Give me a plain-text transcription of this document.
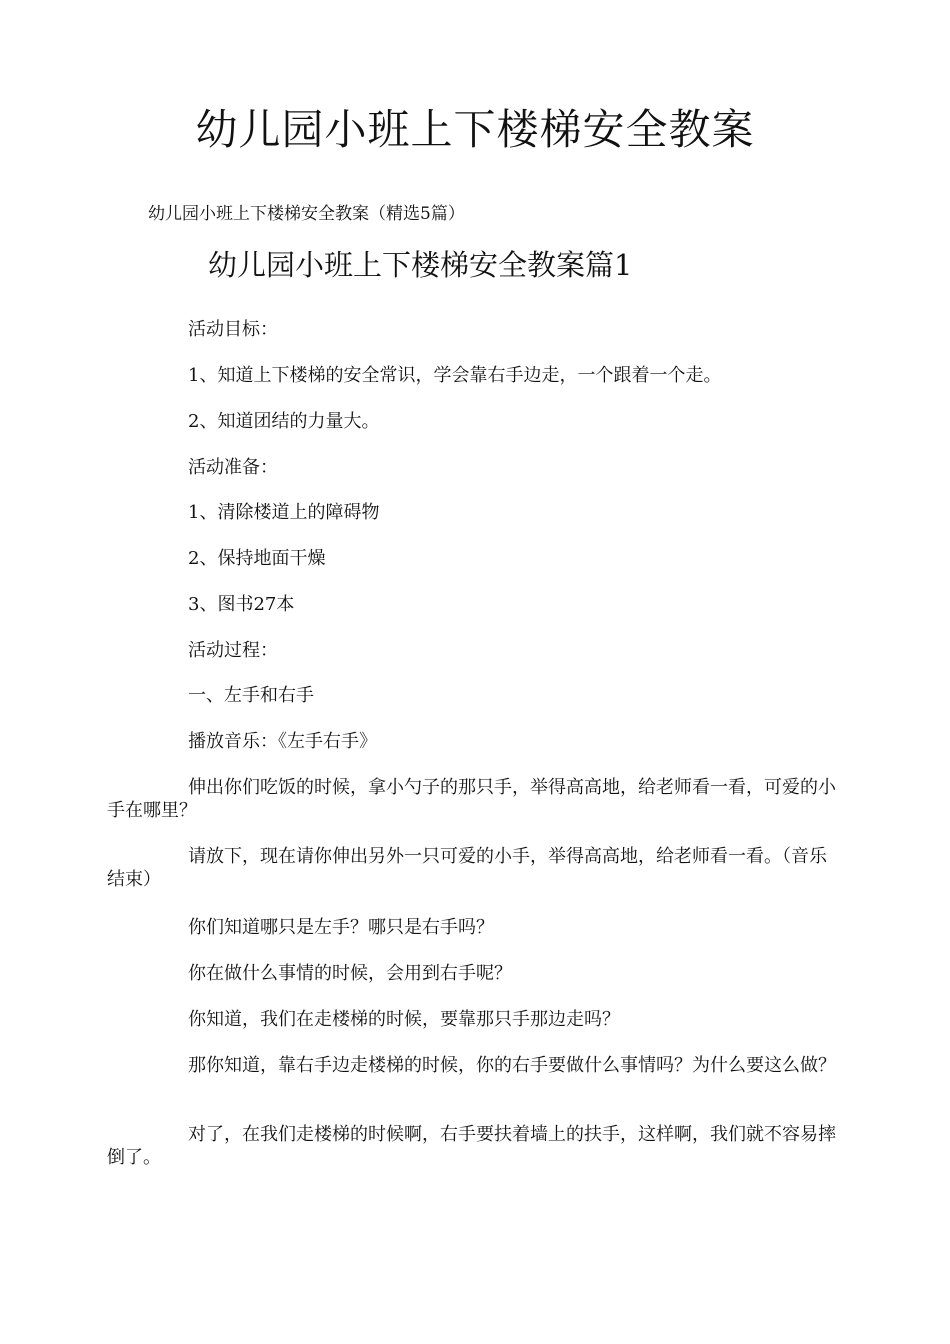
幼儿园小班上下楼梯安全教案
幼儿园小班上下楼梯安全教案（精选5篇）
幼儿园小班上下楼梯安全教案篇1

活动目标：

1、知道上下楼梯的安全常识，学会靠右手边走，一个跟着一个走。

2、知道团结的力量大。

活动准备：

1、清除楼道上的障碍物

2、保持地面干燥

3、图书27本

活动过程：

一、左手和右手

播放音乐：《左手右手》

伸出你们吃饭的时候，拿小勺子的那只手，举得高高地，给老师看一看，可爱的小手在哪里？

请放下，现在请你伸出另外一只可爱的小手，举得高高地，给老师看一看。（音乐结束）

你们知道哪只是左手？哪只是右手吗？

你在做什么事情的时候，会用到右手呢？

你知道，我们在走楼梯的时候，要靠那只手那边走吗？

那你知道，靠右手边走楼梯的时候，你的右手要做什么事情吗？为什么要这么做？

对了，在我们走楼梯的时候啊，右手要扶着墙上的扶手，这样啊，我们就不容易摔倒了。
